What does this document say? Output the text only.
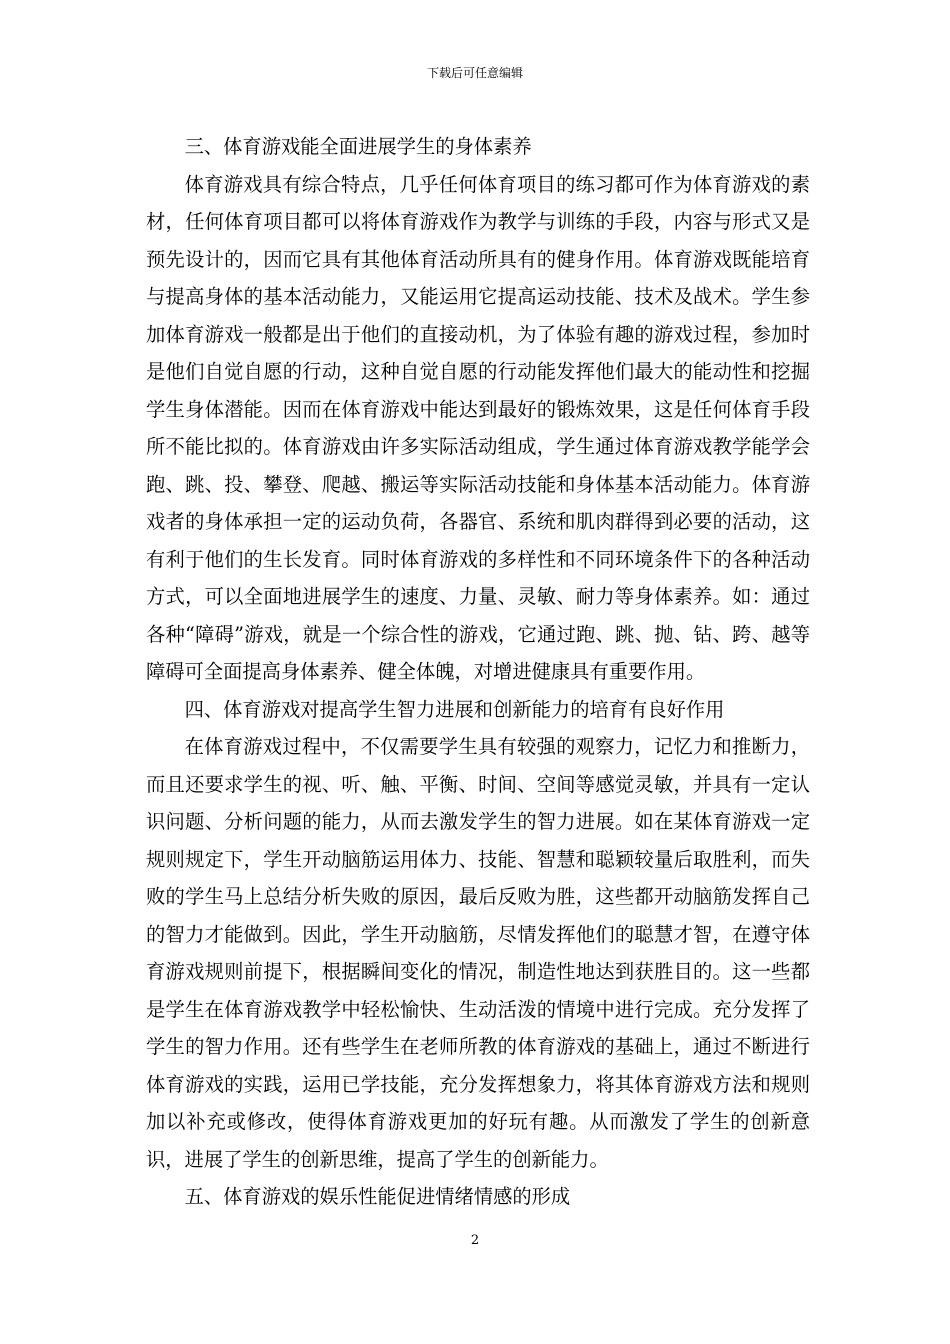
下载后可任意编辑

三、体育游戏能全面进展学生的身体素养

体育游戏具有综合特点，几乎任何体育项目的练习都可作为体育游戏的素材，任何体育项目都可以将体育游戏作为教学与训练的手段，内容与形式又是预先设计的，因而它具有其他体育活动所具有的健身作用。体育游戏既能培育与提高身体的基本活动能力，又能运用它提高运动技能、技术及战术。学生参加体育游戏一般都是出于他们的直接动机，为了体验有趣的游戏过程，参加时是他们自觉自愿的行动，这种自觉自愿的行动能发挥他们最大的能动性和挖掘学生身体潜能。因而在体育游戏中能达到最好的锻炼效果，这是任何体育手段所不能比拟的。体育游戏由许多实际活动组成，学生通过体育游戏教学能学会跑、跳、投、攀登、爬越、搬运等实际活动技能和身体基本活动能力。体育游戏者的身体承担一定的运动负荷，各器官、系统和肌肉群得到必要的活动，这有利于他们的生长发育。同时体育游戏的多样性和不同环境条件下的各种活动方式，可以全面地进展学生的速度、力量、灵敏、耐力等身体素养。如：通过各种“障碍”游戏，就是一个综合性的游戏，它通过跑、跳、抛、钻、跨、越等障碍可全面提高身体素养、健全体魄，对增进健康具有重要作用。

四、体育游戏对提高学生智力进展和创新能力的培育有良好作用

在体育游戏过程中，不仅需要学生具有较强的观察力，记忆力和推断力，而且还要求学生的视、听、触、平衡、时间、空间等感觉灵敏，并具有一定认识问题、分析问题的能力，从而去激发学生的智力进展。如在某体育游戏一定规则规定下，学生开动脑筋运用体力、技能、智慧和聪颖较量后取胜利，而失败的学生马上总结分析失败的原因，最后反败为胜，这些都开动脑筋发挥自己的智力才能做到。因此，学生开动脑筋，尽情发挥他们的聪慧才智，在遵守体育游戏规则前提下，根据瞬间变化的情况，制造性地达到获胜目的。这一些都是学生在体育游戏教学中轻松愉快、生动活泼的情境中进行完成。充分发挥了学生的智力作用。还有些学生在老师所教的体育游戏的基础上，通过不断进行体育游戏的实践，运用已学技能，充分发挥想象力，将其体育游戏方法和规则加以补充或修改，使得体育游戏更加的好玩有趣。从而激发了学生的创新意识，进展了学生的创新思维，提高了学生的创新能力。

五、体育游戏的娱乐性能促进情绪情感的形成

2
